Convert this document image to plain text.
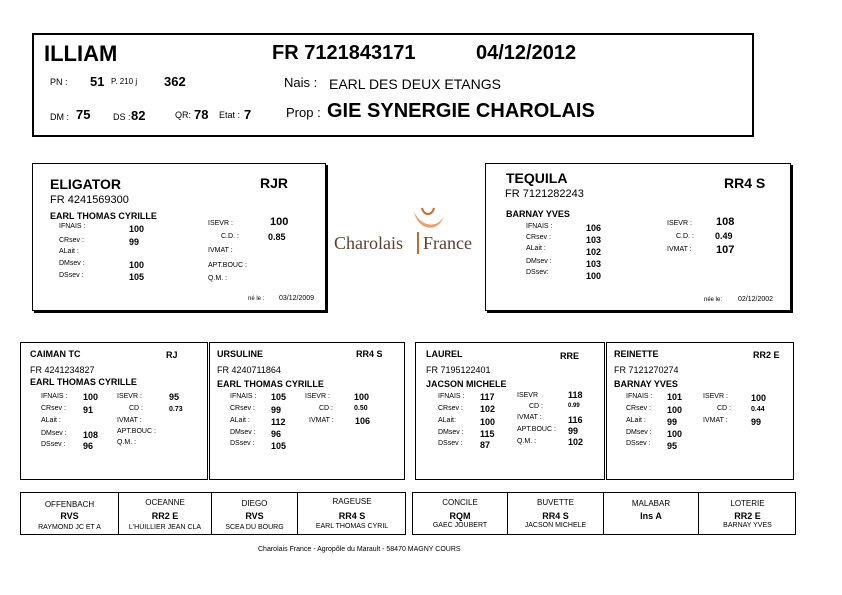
ILLIAM	FR 7121843171	04/12/2012
PN : 51 P. 210 j 362	Nais : EARL DES DEUX ETANGS
DM : 75	DS : 82	QR: 78 Etat : 7	Prop : GIE SYNERGIE CHAROLAIS
ELIGATOR	RJR
FR 4241569300
EARL THOMAS CYRILLE
IFNAIS :	100
CRsev :	99
ALait :
DMsev :	100
DSsev :	105
ISEVR :	100
C.D. :	0.85
IVMAT :
APT.BOUC :
Q.M. :
né le : 03/12/2009
Charolais France
TEQUILA	RR4 S
FR 7121282243
BARNAY YVES
IFNAIS :	106
CRsev :	103
ALait :	102
DMsev :	103
DSsev:	100
ISEVR : 108
C.D. : 0.49
IVMAT : 107
née le: 02/12/2002
CAIMAN TC	RJ
FR 4241234827
EARL THOMAS CYRILLE
IFNAIS : 100
CRsev : 91
ALait :
DMsev : 108
DSsev : 96
ISEVR :	95
CD :	0.73
IVMAT :
APT.BOUC :
Q.M. :
URSULINE	RR4 S
FR 4240711864
EARL THOMAS CYRILLE
IFNAIS : 105
CRsev : 99
ALait : 112
DMsev : 96
DSsev : 105
ISEVR :	100
CD :	0.50
IVMAT : 106
LAUREL	RRE
FR 7195122401
JACSON MICHELE
IFNAIS : 117
CRsev : 102
ALait:	100
DMsev : 115
DSsev : 87
ISEVR	118
CD :	0.99
IVMAT :	116
APT.BOUC : 99
Q.M. :	102
REINETTE	RR2 E
FR 7121270274
BARNAY YVES
IFNAIS : 101
CRsev : 100
ALait : 99
DMsev : 100
DSsev : 95
ISEVR :	100
CD :	0.44
IVMAT :	99
OFFENBACH
RVS
RAYMOND JC ET A
OCEANNE
RR2 E
L'HUILLIER JEAN CLA
DIEGO
RVS
SCEA DU BOURG
RAGEUSE
RR4 S
EARL THOMAS CYRIL
CONCILE
RQM
GAEC JOUBERT
BUVETTE
RR4 S
JACSON MICHELE
MALABAR
Ins A
LOTERIE
RR2 E
BARNAY YVES
Charolais France - Agropôle du Marault - 58470 MAGNY COURS
